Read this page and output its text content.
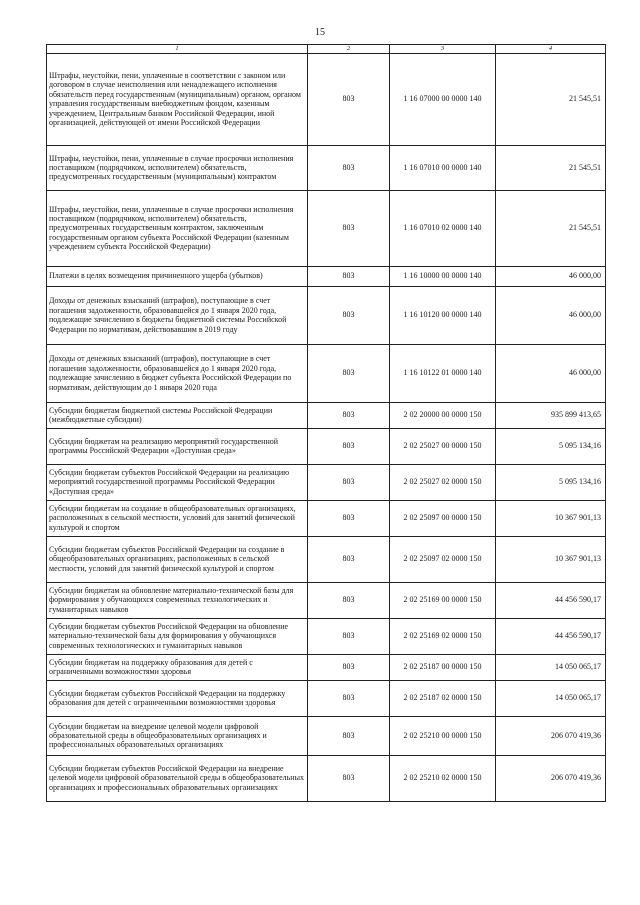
15
1	2	3	4
Штрафы, неустойки, пени, уплаченные в соответствии с законом или договором в случае неисполнения или ненадлежащего исполнения обязательств перед государственным (муниципальным) органом, органом управления государственным внебюджетным фондом, казенным учреждением, Центральным банком Российской Федерации, иной организацией, действующей от имени Российской Федерации	803	1 16 07000 00 0000 140	21 545,51
Штрафы, неустойки, пени, уплаченные в случае просрочки исполнения поставщиком (подрядчиком, исполнителем) обязательств, предусмотренных государственным (муниципальным) контрактом	803	1 16 07010 00 0000 140	21 545,51
Штрафы, неустойки, пени, уплаченные в случае просрочки исполнения поставщиком (подрядчиком, исполнителем) обязательств, предусмотренных государственным контрактом, заключенным государственным органом субъекта Российской Федерации (казенным учреждением субъекта Российской Федерации)	803	1 16 07010 02 0000 140	21 545,51
Платежи в целях возмещения причиненного ущерба (убытков)	803	1 16 10000 00 0000 140	46 000,00
Доходы от денежных взысканий (штрафов), поступающие в счет погашения задолженности, образовавшейся до 1 января 2020 года, подлежащие зачислению в бюджеты бюджетной системы Российской Федерации по нормативам, действовавшим в 2019 году	803	1 16 10120 00 0000 140	46 000,00
Доходы от денежных взысканий (штрафов), поступающие в счет погашения задолженности, образовавшейся до 1 января 2020 года, подлежащие зачислению в бюджет субъекта Российской Федерации по нормативам, действующим до 1 января 2020 года	803	1 16 10122 01 0000 140	46 000,00
Субсидии бюджетам бюджетной системы Российской Федерации (межбюджетные субсидии)	803	2 02 20000 00 0000 150	935 899 413,65
Субсидии бюджетам на реализацию мероприятий государственной программы Российской Федерации «Доступная среда»	803	2 02 25027 00 0000 150	5 095 134,16
Субсидии бюджетам субъектов Российской Федерации на реализацию мероприятий государственной программы Российской Федерации «Доступная среда»	803	2 02 25027 02 0000 150	5 095 134,16
Субсидии бюджетам на создание в общеобразовательных организациях, расположенных в сельской местности, условий для занятий физической культурой и спортом	803	2 02 25097 00 0000 150	10 367 901,13
Субсидии бюджетам субъектов Российской Федерации на создание в общеобразовательных организациях, расположенных в сельской местности, условий для занятий физической культурой и спортом	803	2 02 25097 02 0000 150	10 367 901,13
Субсидии бюджетам на обновление материально-технической базы для формирования у обучающихся современных технологических и гуманитарных навыков	803	2 02 25169 00 0000 150	44 456 590,17
Субсидии бюджетам субъектов Российской Федерации на обновление материально-технической базы для формирования у обучающихся современных технологических и гуманитарных навыков	803	2 02 25169 02 0000 150	44 456 590,17
Субсидии бюджетам на поддержку образования для детей с ограниченными возможностями здоровья	803	2 02 25187 00 0000 150	14 050 065,17
Субсидии бюджетам субъектов Российской Федерации на поддержку образования для детей с ограниченными возможностями здоровья	803	2 02 25187 02 0000 150	14 050 065,17
Субсидии бюджетам на внедрение целевой модели цифровой образовательной среды в общеобразовательных организациях и профессиональных образовательных организациях	803	2 02 25210 00 0000 150	206 070 419,36
Субсидии бюджетам субъектов Российской Федерации на внедрение целевой модели цифровой образовательной среды в общеобразовательных организациях и профессиональных образовательных организациях	803	2 02 25210 02 0000 150	206 070 419,36
